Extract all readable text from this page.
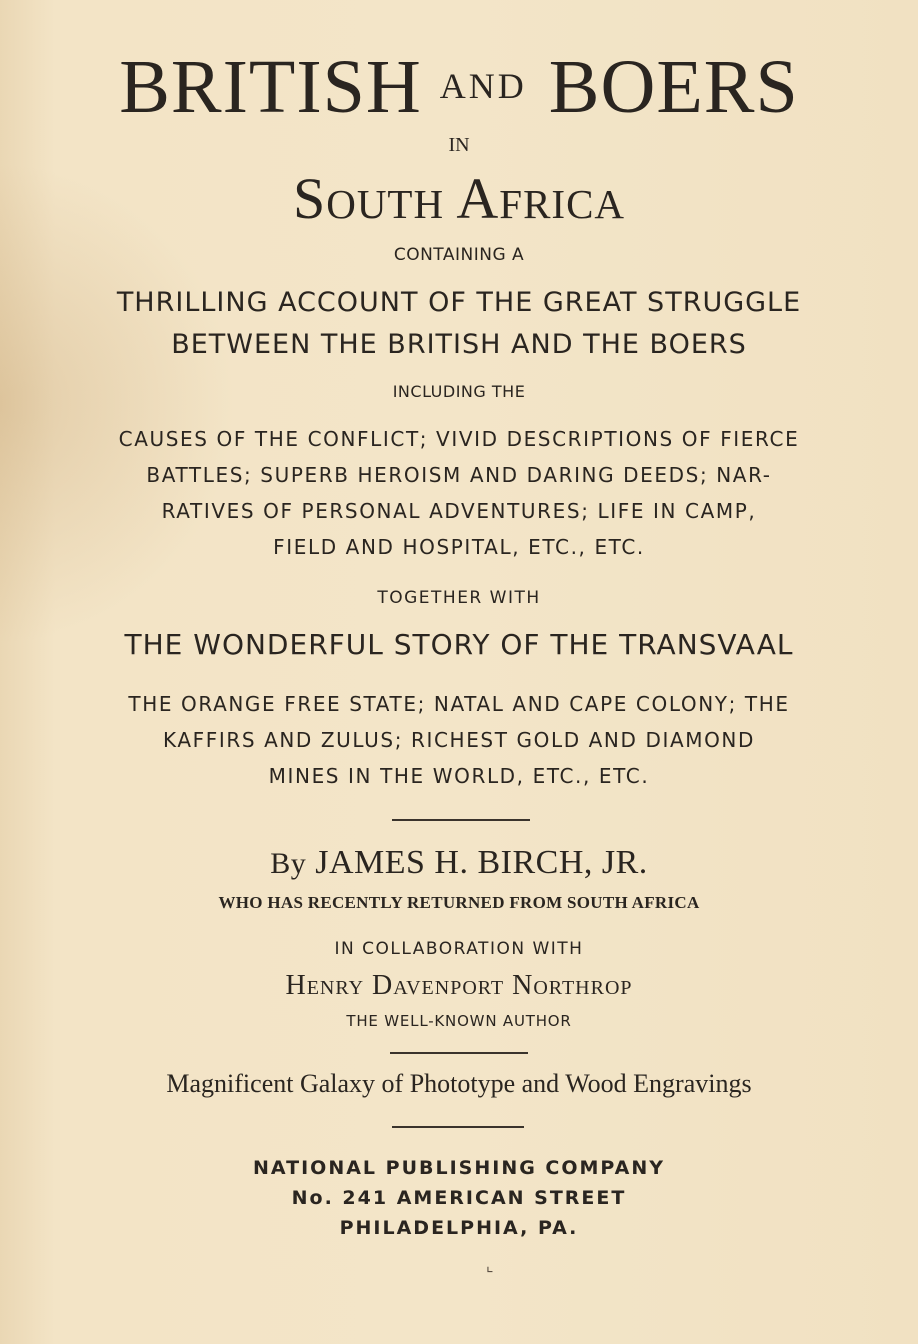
BRITISH AND BOERS

IN

South Africa

CONTAINING A

THRILLING ACCOUNT OF THE GREAT STRUGGLE

BETWEEN THE BRITISH AND THE BOERS

INCLUDING THE

CAUSES OF THE CONFLICT; VIVID DESCRIPTIONS OF FIERCE

BATTLES; SUPERB HEROISM AND DARING DEEDS; NAR-

RATIVES OF PERSONAL ADVENTURES; LIFE IN CAMP,

FIELD AND HOSPITAL, ETC., ETC.

TOGETHER WITH

THE WONDERFUL STORY OF THE TRANSVAAL

THE ORANGE FREE STATE; NATAL AND CAPE COLONY; THE

KAFFIRS AND ZULUS; RICHEST GOLD AND DIAMOND

MINES IN THE WORLD, ETC., ETC.

By JAMES H. BIRCH, JR.

WHO HAS RECENTLY RETURNED FROM SOUTH AFRICA

IN COLLABORATION WITH

Henry Davenport Northrop

THE WELL-KNOWN AUTHOR

Magnificent Galaxy of Phototype and Wood Engravings

NATIONAL PUBLISHING COMPANY

No. 241 AMERICAN STREET

PHILADELPHIA, PA.

⌞
